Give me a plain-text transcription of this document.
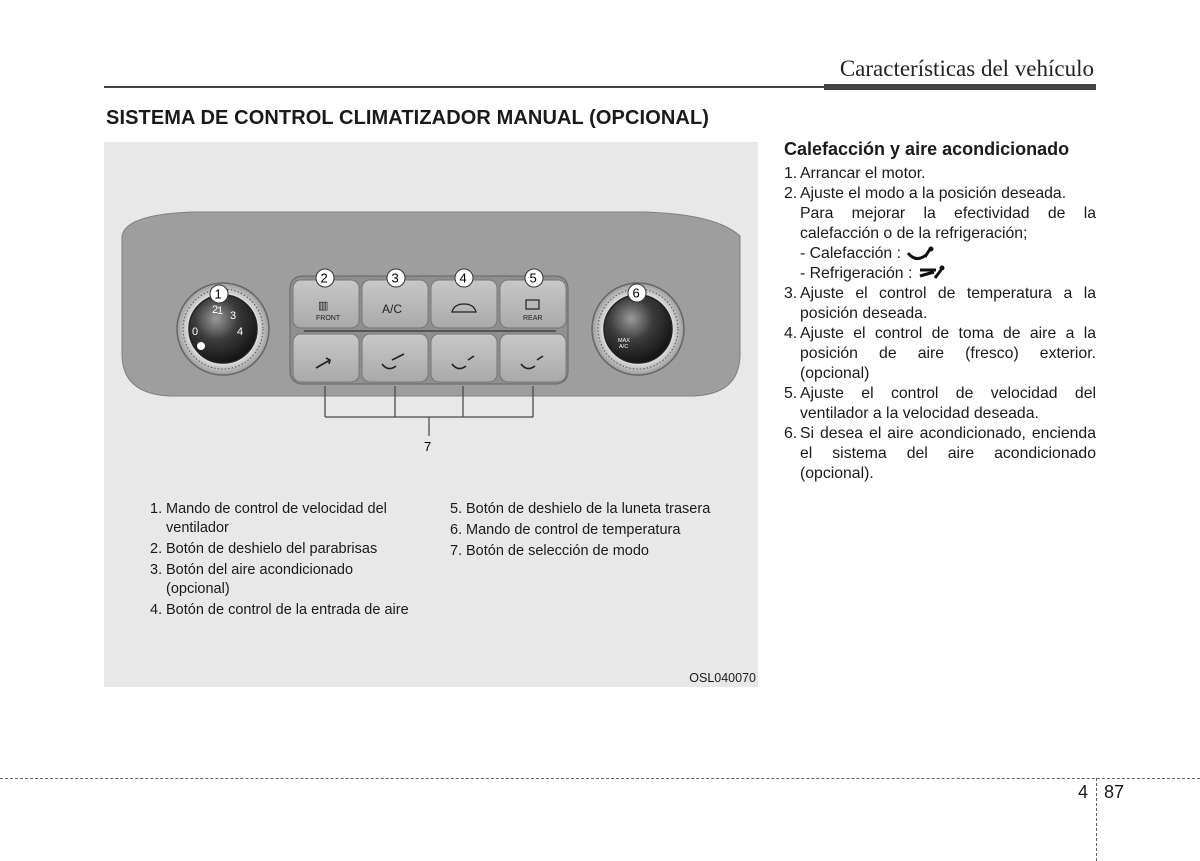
Características del vehículo
SISTEMA DE CONTROL CLIMATIZADOR MANUAL (OPCIONAL)
1
2 3
0	4
1
FRONT
▥	A/C
REAR
2	3	4	5
MAX
A/C
6
7
1. Mando de control de velocidad del ventilador
2. Botón de deshielo del parabrisas
3. Botón del aire acondicionado (opcional)
4. Botón de control de la entrada de aire
5. Botón de deshielo de la luneta trasera
6. Mando de control de temperatura
7. Botón de selección de modo
OSL040070
Calefacción y aire acondicionado
1. Arrancar el motor.
2. Ajuste el modo a la posición deseada.
Para mejorar la efectividad de la calefacción o de la refrigeración;
- Calefacción :
- Refrigeración :
3. Ajuste el control de temperatura a la posición deseada.
4. Ajuste el control de toma de aire a la posición de aire (fresco) exterior. (opcional)
5. Ajuste el control de velocidad del ventilador a la velocidad deseada.
6. Si desea el aire acondicionado, encienda el sistema del aire acondicionado (opcional).
4 87
